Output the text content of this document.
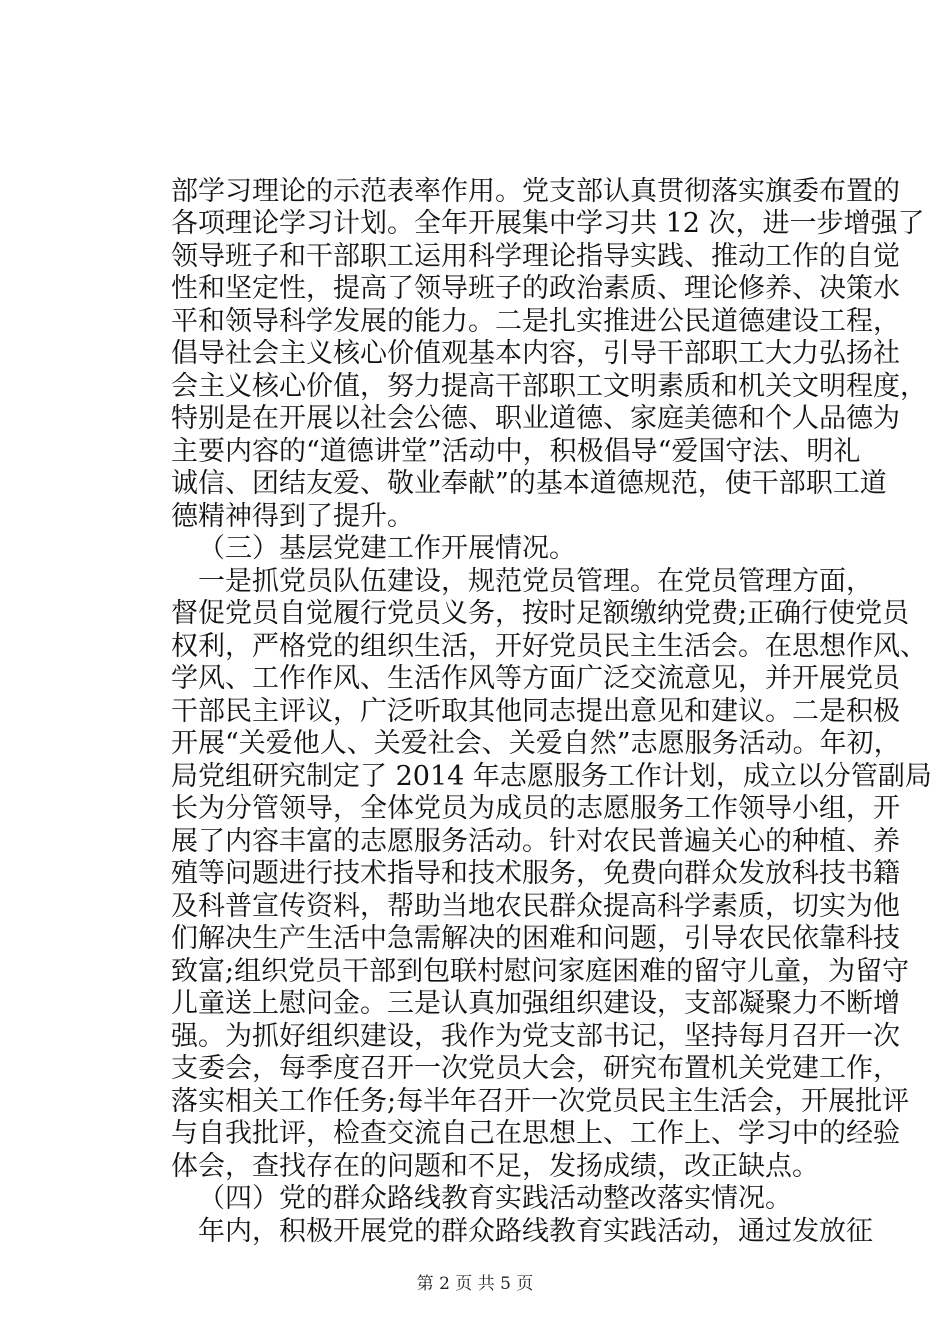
部学习理论的示范表率作用。党支部认真贯彻落实旗委布置的
各项理论学习计划。全年开展集中学习共 12 次，进一步增强了
领导班子和干部职工运用科学理论指导实践、推动工作的自觉
性和坚定性，提高了领导班子的政治素质、理论修养、决策水
平和领导科学发展的能力。二是扎实推进公民道德建设工程，
倡导社会主义核心价值观基本内容，引导干部职工大力弘扬社
会主义核心价值，努力提高干部职工文明素质和机关文明程度，
特别是在开展以社会公德、职业道德、家庭美德和个人品德为
主要内容的“道德讲堂”活动中，积极倡导“爱国守法、明礼
诚信、团结友爱、敬业奉献”的基本道德规范，使干部职工道
德精神得到了提升。
（三）基层党建工作开展情况。
一是抓党员队伍建设，规范党员管理。在党员管理方面，
督促党员自觉履行党员义务，按时足额缴纳党费;正确行使党员
权利，严格党的组织生活，开好党员民主生活会。在思想作风、
学风、工作作风、生活作风等方面广泛交流意见，并开展党员
干部民主评议，广泛听取其他同志提出意见和建议。二是积极
开展“关爱他人、关爱社会、关爱自然”志愿服务活动。年初，
局党组研究制定了 2014 年志愿服务工作计划，成立以分管副局
长为分管领导，全体党员为成员的志愿服务工作领导小组，开
展了内容丰富的志愿服务活动。针对农民普遍关心的种植、养
殖等问题进行技术指导和技术服务，免费向群众发放科技书籍
及科普宣传资料，帮助当地农民群众提高科学素质，切实为他
们解决生产生活中急需解决的困难和问题，引导农民依靠科技
致富;组织党员干部到包联村慰问家庭困难的留守儿童，为留守
儿童送上慰问金。三是认真加强组织建设，支部凝聚力不断增
强。为抓好组织建设，我作为党支部书记，坚持每月召开一次
支委会，每季度召开一次党员大会，研究布置机关党建工作，
落实相关工作任务;每半年召开一次党员民主生活会，开展批评
与自我批评，检查交流自己在思想上、工作上、学习中的经验
体会，查找存在的问题和不足，发扬成绩，改正缺点。
（四）党的群众路线教育实践活动整改落实情况。
年内，积极开展党的群众路线教育实践活动，通过发放征
第 2 页 共 5 页
